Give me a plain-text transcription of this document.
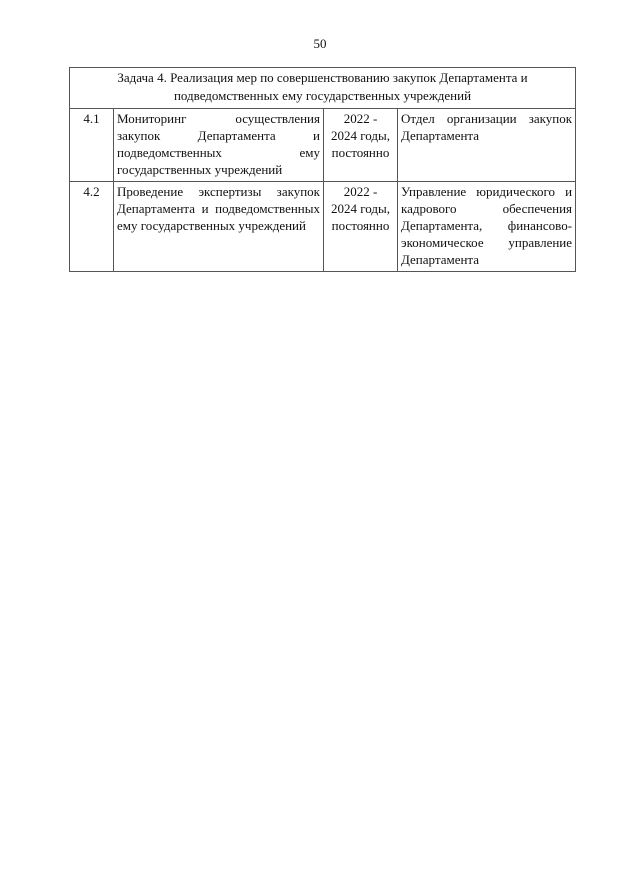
50
Задача 4. Реализация мер по совершенствованию закупок Департамента и
подведомственных ему государственных учреждений			
4.1	Мониторинг осуществления закупок Департамента и подведомственных ему государственных учреждений	2022 -
2024 годы,
постоянно	Отдел организации закупок Департамента
4.2	Проведение экспертизы закупок Департамента и подведомственных ему государственных учреждений	2022 -
2024 годы,
постоянно	Управление юридического и кадрового обеспечения Департамента, финансово-экономическое управление Департамента
